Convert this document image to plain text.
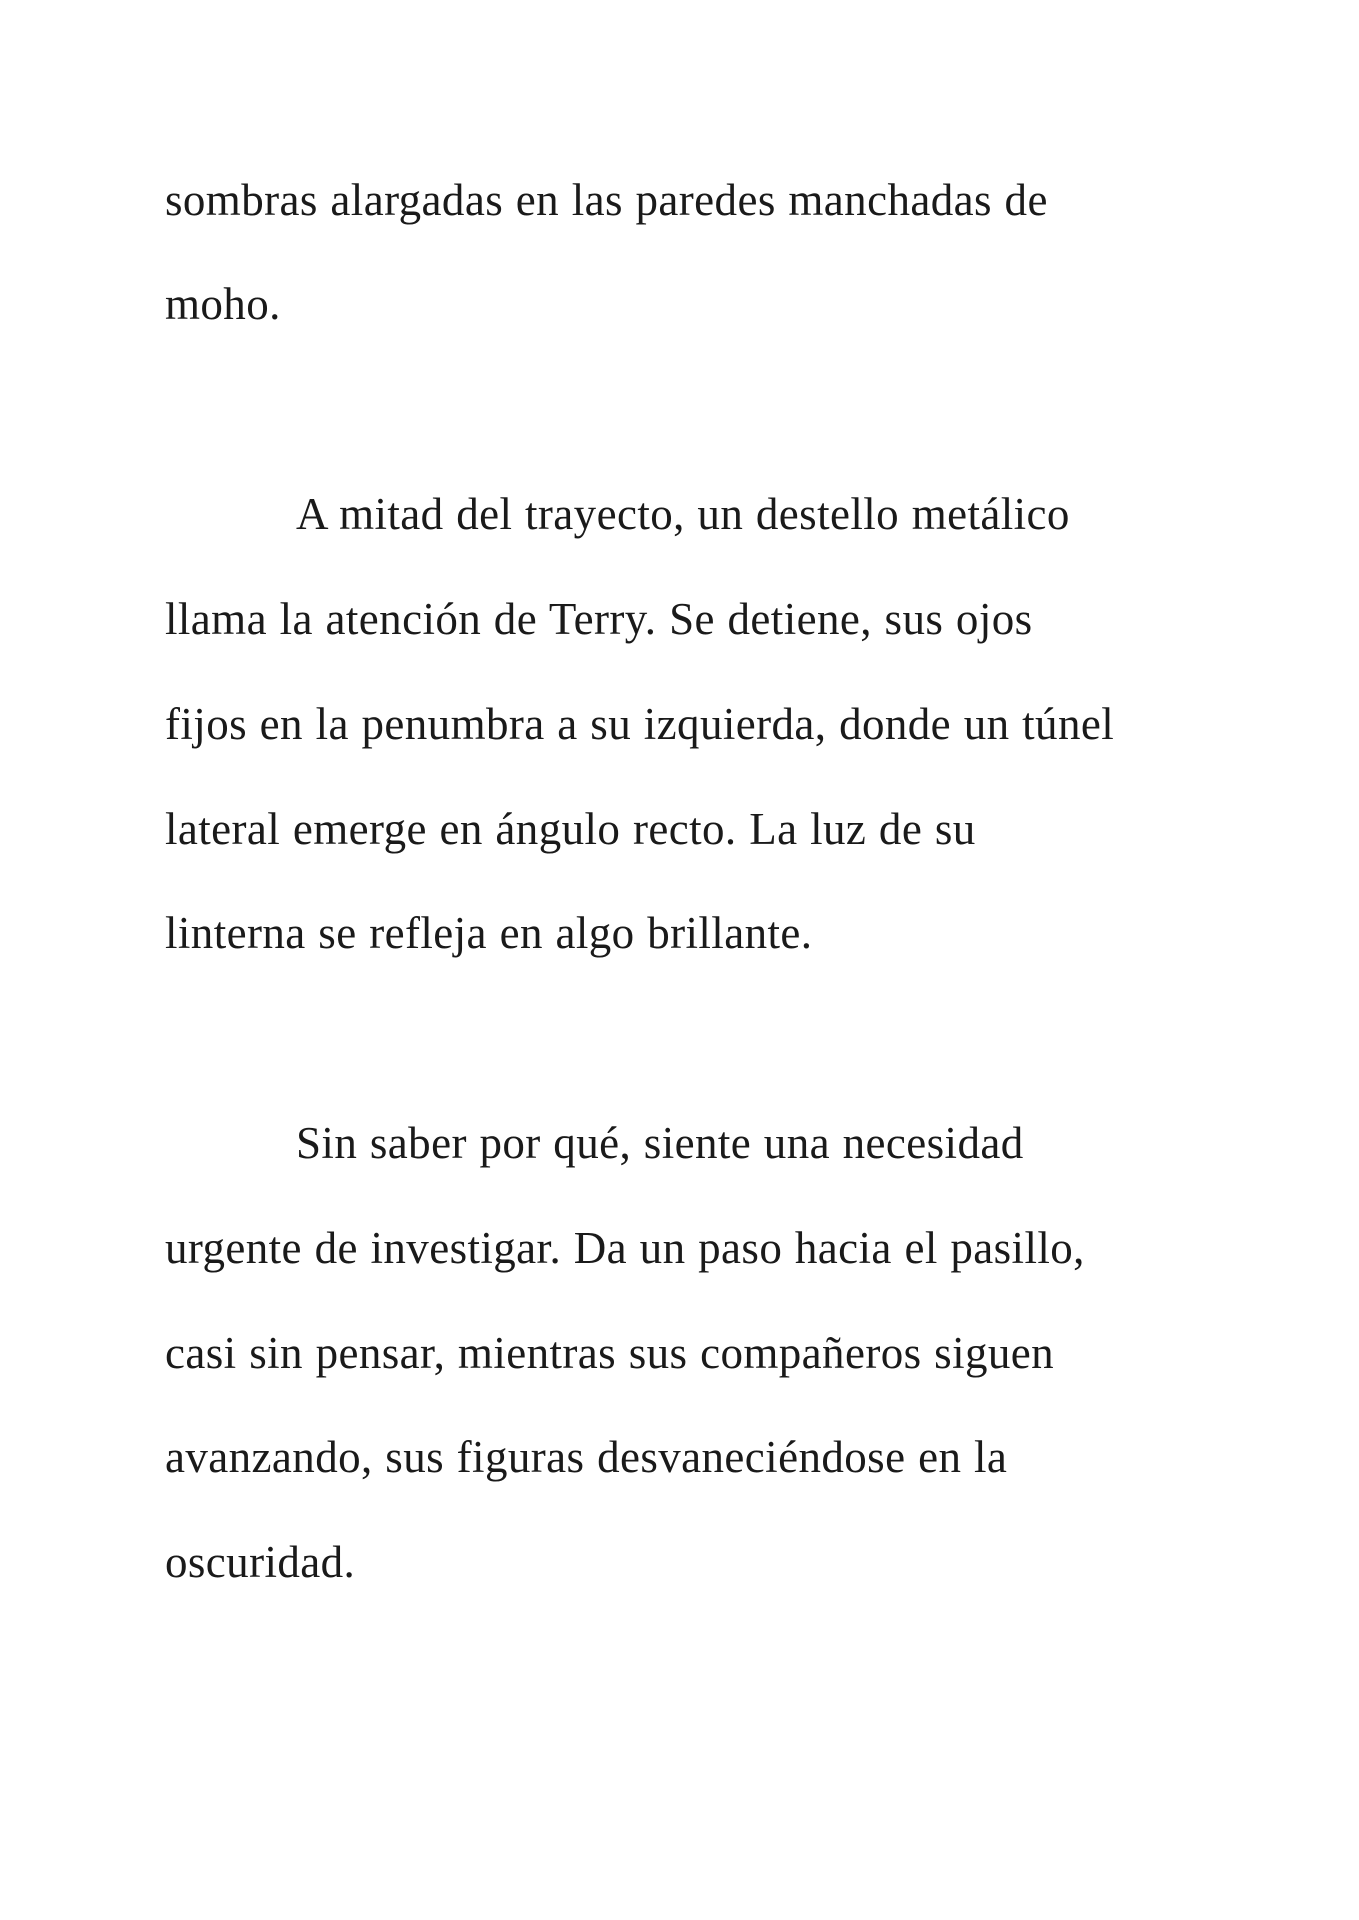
sombras alargadas en las paredes manchadas de

moho.

A mitad del trayecto, un destello metálico

llama la atención de Terry. Se detiene, sus ojos

fijos en la penumbra a su izquierda, donde un túnel

lateral emerge en ángulo recto. La luz de su

linterna se refleja en algo brillante.

Sin saber por qué, siente una necesidad

urgente de investigar. Da un paso hacia el pasillo,

casi sin pensar, mientras sus compañeros siguen

avanzando, sus figuras desvaneciéndose en la

oscuridad.
